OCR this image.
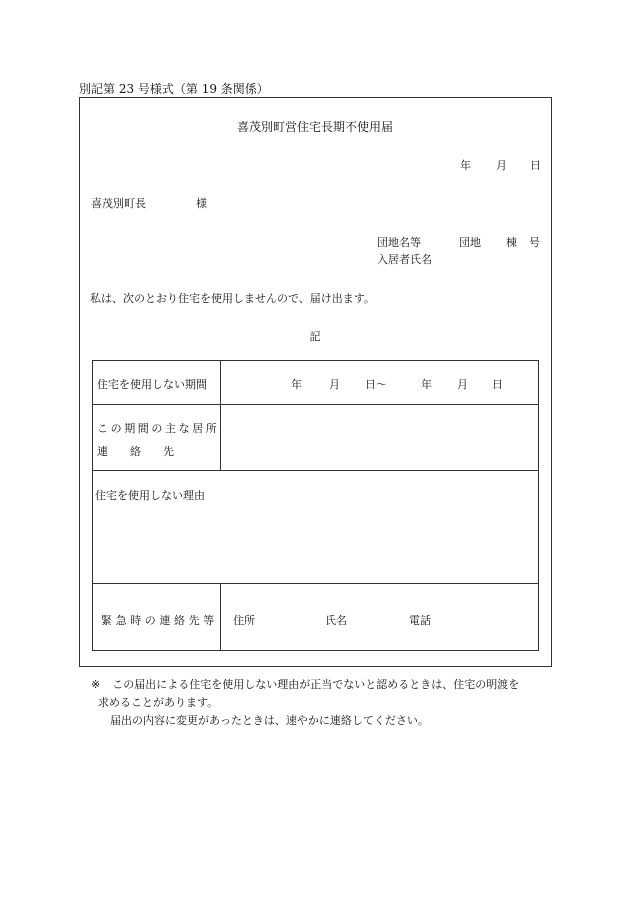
別記第 23 号様式（第 19 条関係）
喜茂別町営住宅長期不使用届
年 月 日
喜茂別町長	様
団地名等	団地 棟 号
入居者氏名
私は、次のとおり住宅を使用しませんので、届け出ます。
記
住宅を使用しない期間	年 月 日〜	年 月 日
この期間の主な居所
連　　絡　　先
住宅を使用しない理由
緊急時の連絡先等 住所	氏名	電話
※ この届出による住宅を使用しない理由が正当でないと認めるときは、住宅の明渡を
求めることがあります。
届出の内容に変更があったときは、速やかに連絡してください。
